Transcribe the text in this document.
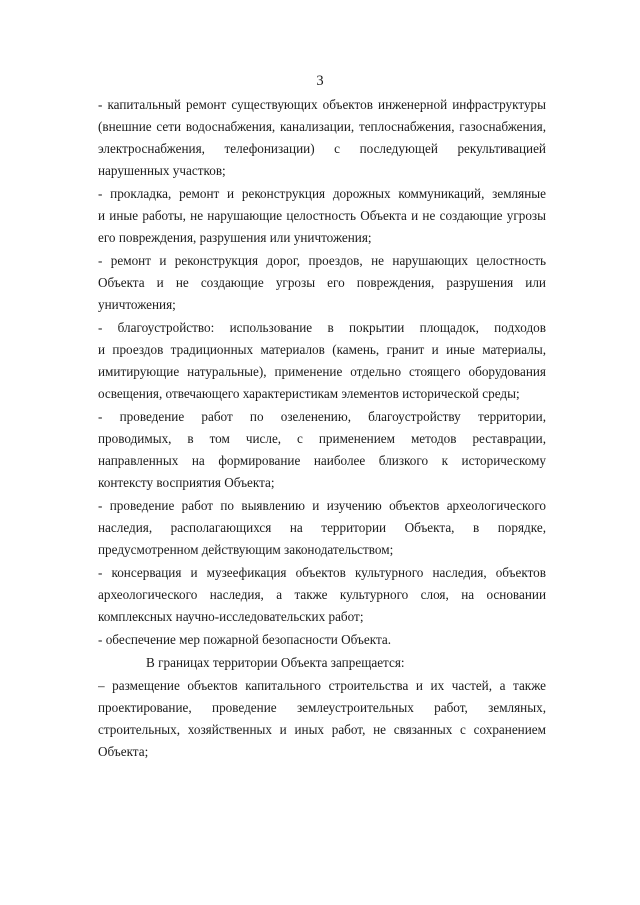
3
- капитальный ремонт существующих объектов инженерной инфраструктуры
(внешние сети водоснабжения, канализации, теплоснабжения, газоснабжения,
электроснабжения, телефонизации) с последующей рекультивацией
нарушенных участков;
- прокладка, ремонт и реконструкция дорожных коммуникаций, земляные
и иные работы, не нарушающие целостность Объекта и не создающие угрозы
его повреждения, разрушения или уничтожения;
- ремонт и реконструкция дорог, проездов, не нарушающих целостность
Объекта и не создающие угрозы его повреждения, разрушения или
уничтожения;
- благоустройство: использование в покрытии площадок, подходов
и проездов традиционных материалов (камень, гранит и иные материалы,
имитирующие натуральные), применение отдельно стоящего оборудования
освещения, отвечающего характеристикам элементов исторической среды;
- проведение работ по озеленению, благоустройству территории,
проводимых, в том числе, с применением методов реставрации,
направленных на формирование наиболее близкого к историческому
контексту восприятия Объекта;
- проведение работ по выявлению и изучению объектов археологического
наследия, располагающихся на территории Объекта, в порядке,
предусмотренном действующим законодательством;
- консервация и музеефикация объектов культурного наследия, объектов
археологического наследия, а также культурного слоя, на основании
комплексных научно-исследовательских работ;
- обеспечение мер пожарной безопасности Объекта.
В границах территории Объекта запрещается:
– размещение объектов капитального строительства и их частей, а также
проектирование, проведение землеустроительных работ, земляных,
строительных, хозяйственных и иных работ, не связанных с сохранением
Объекта;
